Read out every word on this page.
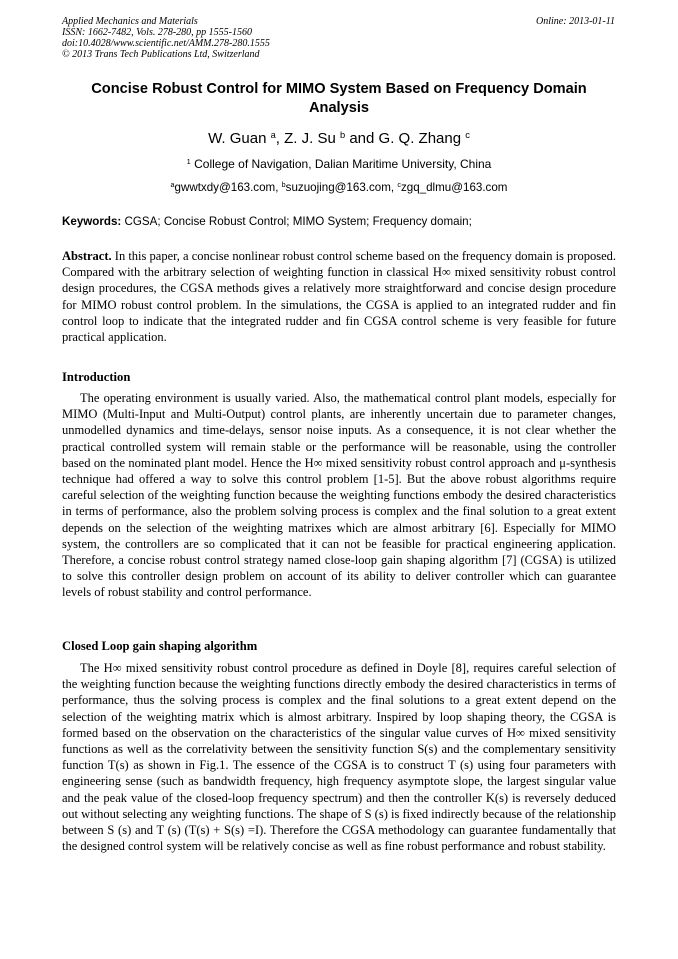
Applied Mechanics and Materials
ISSN: 1662-7482, Vols. 278-280, pp 1555-1560
doi:10.4028/www.scientific.net/AMM.278-280.1555
© 2013 Trans Tech Publications Ltd, Switzerland
Online: 2013-01-11
Concise Robust Control for MIMO System Based on Frequency Domain Analysis
W. Guan $^a$, Z. J. Su $^b$ and G. Q. Zhang $^c$
$^1$ College of Navigation, Dalian Maritime University, China
$^a$gwwtxdy@163.com, $^b$suzuojing@163.com, $^c$zgq_dlmu@163.com
Keywords: CGSA; Concise Robust Control; MIMO System; Frequency domain;
Abstract. In this paper, a concise nonlinear robust control scheme based on the frequency domain is proposed. Compared with the arbitrary selection of weighting function in classical H∞ mixed sensitivity robust control design procedures, the CGSA methods gives a relatively more straightforward and concise design procedure for MIMO robust control problem. In the simulations, the CGSA is applied to an integrated rudder and fin control loop to indicate that the integrated rudder and fin CGSA control scheme is very feasible for future practical application.
Introduction
The operating environment is usually varied. Also, the mathematical control plant models, especially for MIMO (Multi-Input and Multi-Output) control plants, are inherently uncertain due to parameter changes, unmodelled dynamics and time-delays, sensor noise inputs. As a consequence, it is not clear whether the practical controlled system will remain stable or the performance will be reasonable, using the controller based on the nominated plant model. Hence the H∞ mixed sensitivity robust control approach and μ-synthesis technique had offered a way to solve this control problem [1-5]. But the above robust algorithms require careful selection of the weighting function because the weighting functions embody the desired characteristics in terms of performance, also the problem solving process is complex and the final solution to a great extent depends on the selection of the weighting matrixes which are almost arbitrary [6]. Especially for MIMO system, the controllers are so complicated that it can not be feasible for practical engineering application. Therefore, a concise robust control strategy named close-loop gain shaping algorithm [7] (CGSA) is utilized to solve this controller design problem on account of its ability to deliver controller which can guarantee levels of robust stability and control performance.
Closed Loop gain shaping algorithm
The H∞ mixed sensitivity robust control procedure as defined in Doyle [8], requires careful selection of the weighting function because the weighting functions directly embody the desired characteristics in terms of performance, thus the solving process is complex and the final solutions to a great extent depend on the selection of the weighting matrix which is almost arbitrary. Inspired by loop shaping theory, the CGSA is formed based on the observation on the characteristics of the singular value curves of H∞ mixed sensitivity functions as well as the correlativity between the sensitivity function S(s) and the complementary sensitivity function T(s) as shown in Fig.1. The essence of the CGSA is to construct T (s) using four parameters with engineering sense (such as bandwidth frequency, high frequency asymptote slope, the largest singular value and the peak value of the closed-loop frequency spectrum) and then the controller K(s) is reversely deduced out without selecting any weighting functions. The shape of S (s) is fixed indirectly because of the relationship between S (s) and T (s) (T(s) + S(s) =I). Therefore the CGSA methodology can guarantee fundamentally that the designed control system will be relatively concise as well as fine robust performance and robust stability.
